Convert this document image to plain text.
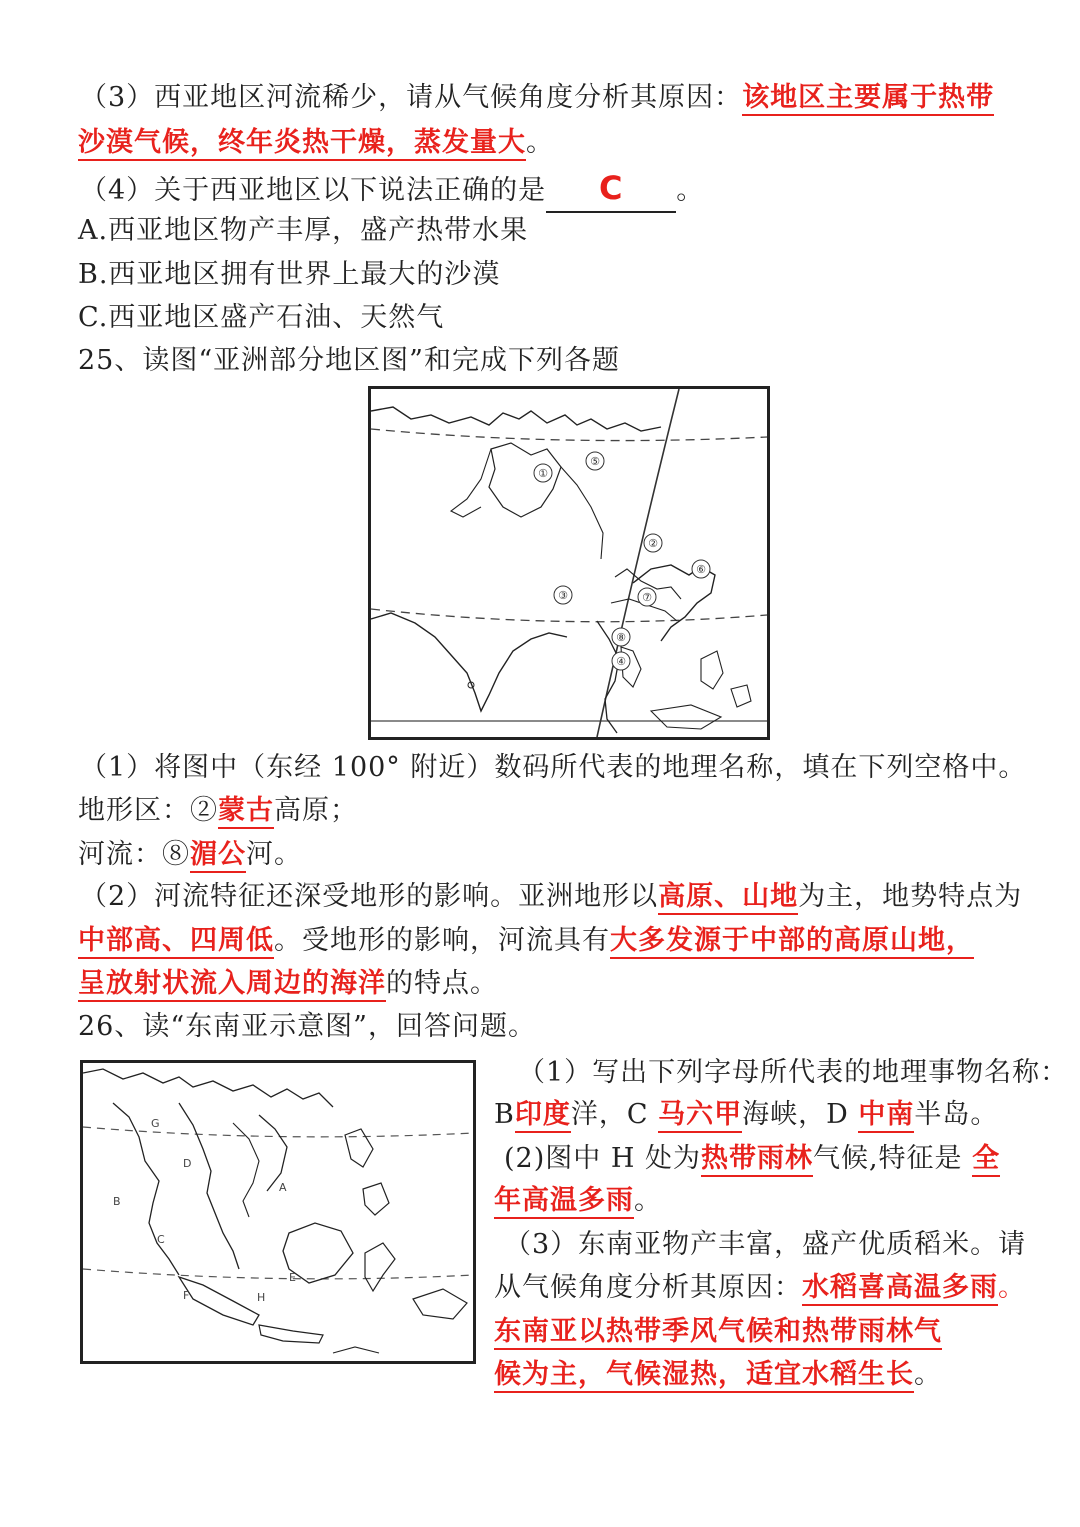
（3）西亚地区河流稀少，请从气候角度分析其原因：该地区主要属于热带
沙漠气候，终年炎热干燥，蒸发量大。
（4）关于西亚地区以下说法正确的是 C 。
A.西亚地区物产丰厚，盛产热带水果
B.西亚地区拥有世界上最大的沙漠
C.西亚地区盛产石油、天然气
25、读图“亚洲部分地区图”和完成下列各题
①
⑤
②
③	⑦
⑥
⑧
④
（1）将图中（东经 100° 附近）数码所代表的地理名称，填在下列空格中。
地形区：②蒙古高原；
河流：⑧湄公河。
（2）河流特征还深受地形的影响。亚洲地形以高原、山地为主，地势特点为
中部高、四周低。受地形的影响，河流具有大多发源于中部的高原山地，
呈放射状流入周边的海洋的特点。
26、读“东南亚示意图”，回答问题。
A
B
C
D
E
F
G
H
（1）写出下列字母所代表的地理事物名称：
B印度洋，C 马六甲海峡，D 中南半岛。
(2)图中 H 处为热带雨林气候,特征是 全
年高温多雨。
（3）东南亚物产丰富，盛产优质稻米。请
从气候角度分析其原因：水稻喜高温多雨。
东南亚以热带季风气候和热带雨林气
候为主，气候湿热，适宜水稻生长。
